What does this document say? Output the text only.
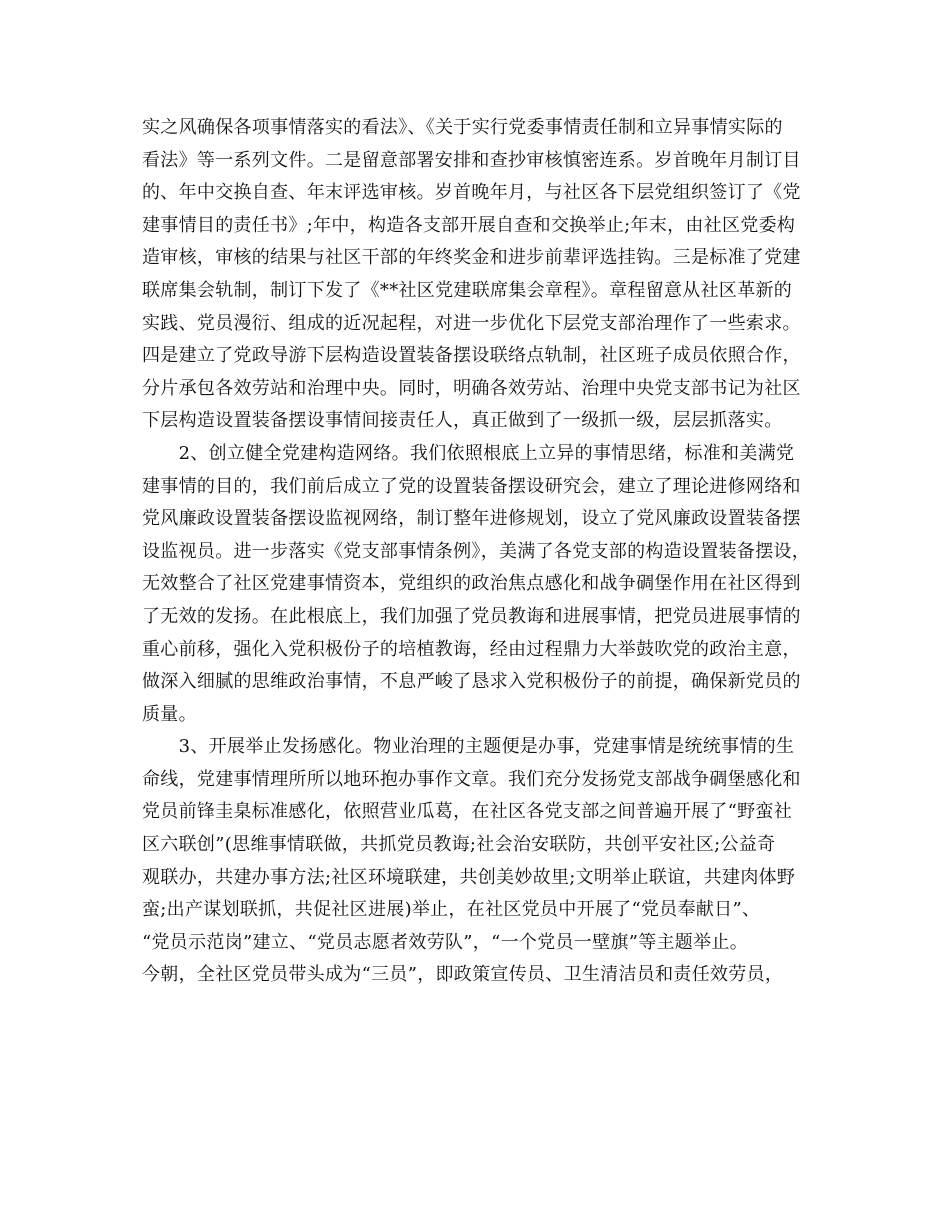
实之风确保各项事情落实的看法》、《关于实行党委事情责任制和立异事情实际的
看法》等一系列文件。二是留意部署安排和查抄审核慎密连系。岁首晚年月制订目
的、年中交换自查、年末评选审核。岁首晚年月，与社区各下层党组织签订了《党
建事情目的责任书》;年中，构造各支部开展自查和交换举止;年末，由社区党委构
造审核，审核的结果与社区干部的年终奖金和进步前辈评选挂钩。三是标准了党建
联席集会轨制，制订下发了《**社区党建联席集会章程》。章程留意从社区革新的
实践、党员漫衍、组成的近况起程，对进一步优化下层党支部治理作了一些索求。
四是建立了党政导游下层构造设置装备摆设联络点轨制，社区班子成员依照合作，
分片承包各效劳站和治理中央。同时，明确各效劳站、治理中央党支部书记为社区
下层构造设置装备摆设事情间接责任人，真正做到了一级抓一级，层层抓落实。
　　2、创立健全党建构造网络。我们依照根底上立异的事情思绪，标准和美满党
建事情的目的，我们前后成立了党的设置装备摆设研究会，建立了理论进修网络和
党风廉政设置装备摆设监视网络，制订整年进修规划，设立了党风廉政设置装备摆
设监视员。进一步落实《党支部事情条例》，美满了各党支部的构造设置装备摆设，
无效整合了社区党建事情资本，党组织的政治焦点感化和战争碉堡作用在社区得到
了无效的发扬。在此根底上，我们加强了党员教诲和进展事情，把党员进展事情的
重心前移，强化入党积极份子的培植教诲，经由过程鼎力大举鼓吹党的政治主意，
做深入细腻的思维政治事情，不息严峻了恳求入党积极份子的前提，确保新党员的
质量。
　　3、开展举止发扬感化。物业治理的主题便是办事，党建事情是统统事情的生
命线，党建事情理所所以地环抱办事作文章。我们充分发扬党支部战争碉堡感化和
党员前锋圭臬标准感化，依照营业瓜葛，在社区各党支部之间普遍开展了“野蛮社
区六联创”(思维事情联做，共抓党员教诲;社会治安联防，共创平安社区;公益奇
观联办，共建办事方法;社区环境联建，共创美妙故里;文明举止联谊，共建肉体野
蛮;出产谋划联抓，共促社区进展)举止，在社区党员中开展了“党员奉献日”、
“党员示范岗”建立、“党员志愿者效劳队”，“一个党员一壁旗”等主题举止。
今朝，全社区党员带头成为“三员”，即政策宣传员、卫生清洁员和责任效劳员，
